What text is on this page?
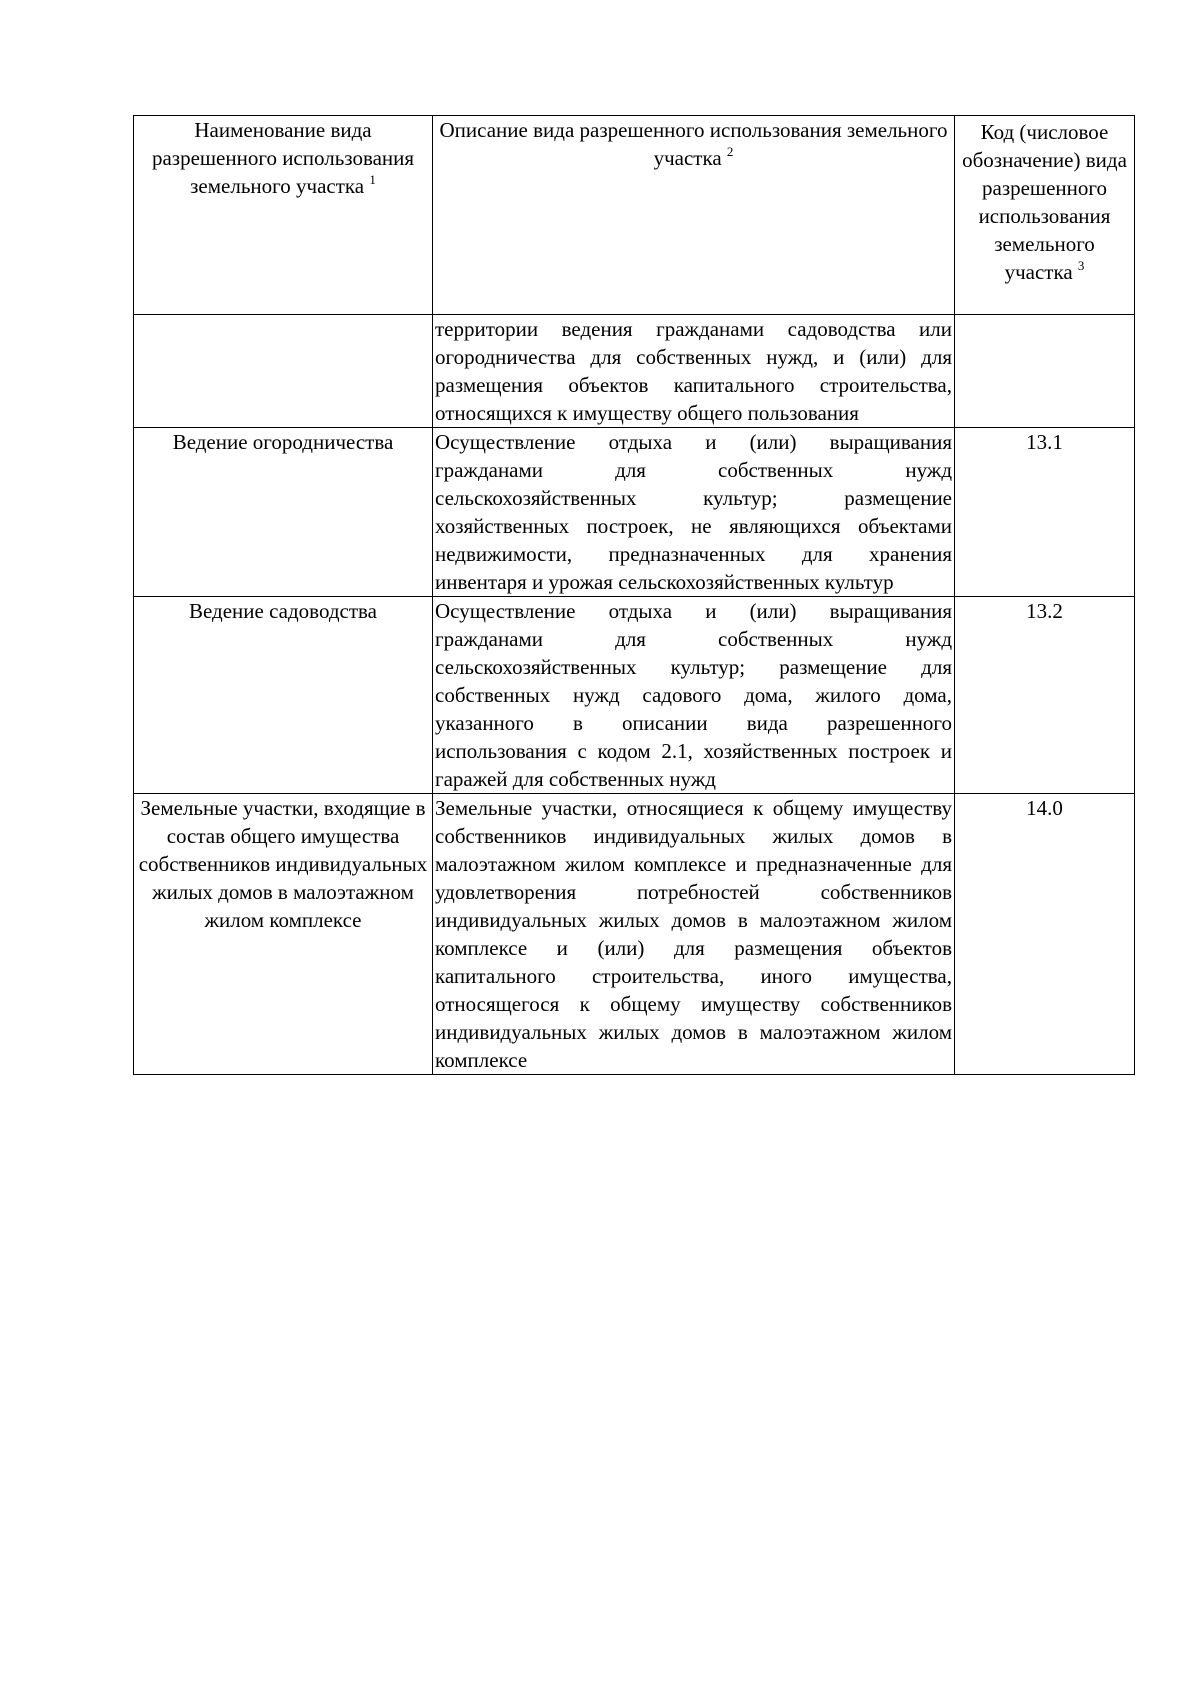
Наименование вида разрешенного использования земельного участка $^1$	Описание вида разрешенного использования земельного участка $^2$	Код (числовое обозначение) вида разрешенного использования земельного участка $^3$
	территории ведения гражданами садоводства или огородничества для собственных нужд, и (или) для размещения объектов капитального строительства, относящихся к имуществу общего пользования	
Ведение огородничества	Осуществление отдыха и (или) выращивания гражданами для собственных нужд сельскохозяйственных культур; размещение хозяйственных построек, не являющихся объектами недвижимости, предназначенных для хранения инвентаря и урожая сельскохозяйственных культур	13.1
Ведение садоводства	Осуществление отдыха и (или) выращивания гражданами для собственных нужд сельскохозяйственных культур; размещение для собственных нужд садового дома, жилого дома, указанного в описании вида разрешенного использования с кодом 2.1, хозяйственных построек и гаражей для собственных нужд	13.2
Земельные участки, входящие в состав общего имущества собственников индивидуальных жилых домов в малоэтажном жилом комплексе	Земельные участки, относящиеся к общему имуществу собственников индивидуальных жилых домов в малоэтажном жилом комплексе и предназначенные для удовлетворения потребностей собственников индивидуальных жилых домов в малоэтажном жилом комплексе и (или) для размещения объектов капитального строительства, иного имущества, относящегося к общему имуществу собственников индивидуальных жилых домов в малоэтажном жилом комплексе	14.0
